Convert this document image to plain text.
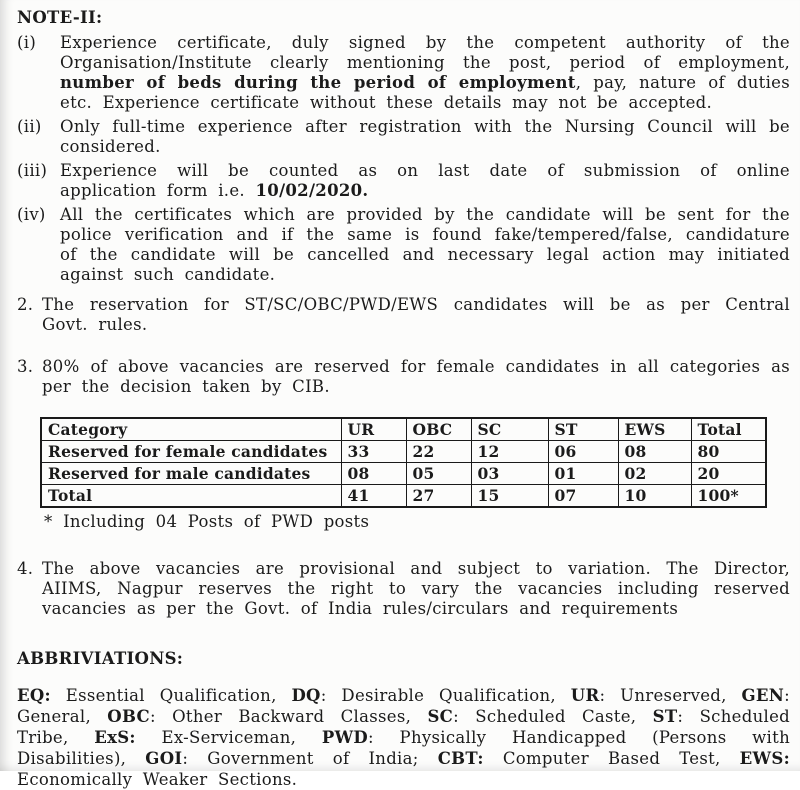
NOTE-II:
(i)	Experience certificate, duly signed by the competent authority of the Organisation/Institute clearly mentioning the post, period of employment, number of beds during the period of employment, pay, nature of duties etc. Experience certificate without these details may not be accepted.
(ii)	Only full-time experience after registration with the Nursing Council will be considered.
(iii) Experience will be counted as on last date of submission of online application form i.e. 10/02/2020.
(iv) All the certificates which are provided by the candidate will be sent for the police verification and if the same is found fake/tempered/false, candidature of the candidate will be cancelled and necessary legal action may initiated against such candidate.
2. The reservation for ST/SC/OBC/PWD/EWS candidates will be as per Central Govt. rules.
3. 80% of above vacancies are reserved for female candidates in all categories as per the decision taken by CIB.
Category	UR	OBC	SC	ST	EWS	Total
Reserved for female candidates	33	22	12	06	08	80
Reserved for male candidates	08	05	03	01	02	20
Total	41	27	15	07	10	100*
* Including 04 Posts of PWD posts
4. The above vacancies are provisional and subject to variation. The Director, AIIMS, Nagpur reserves the right to vary the vacancies including reserved vacancies as per the Govt. of India rules/circulars and requirements
ABBRIVIATIONS:

EQ: Essential Qualification, DQ: Desirable Qualification, UR: Unreserved, GEN: General, OBC: Other Backward Classes, SC: Scheduled Caste, ST: Scheduled Tribe, ExS: Ex-Serviceman, PWD: Physically Handicapped (Persons with Disabilities), GOI: Government of India; CBT: Computer Based Test, EWS: Economically Weaker Sections.
